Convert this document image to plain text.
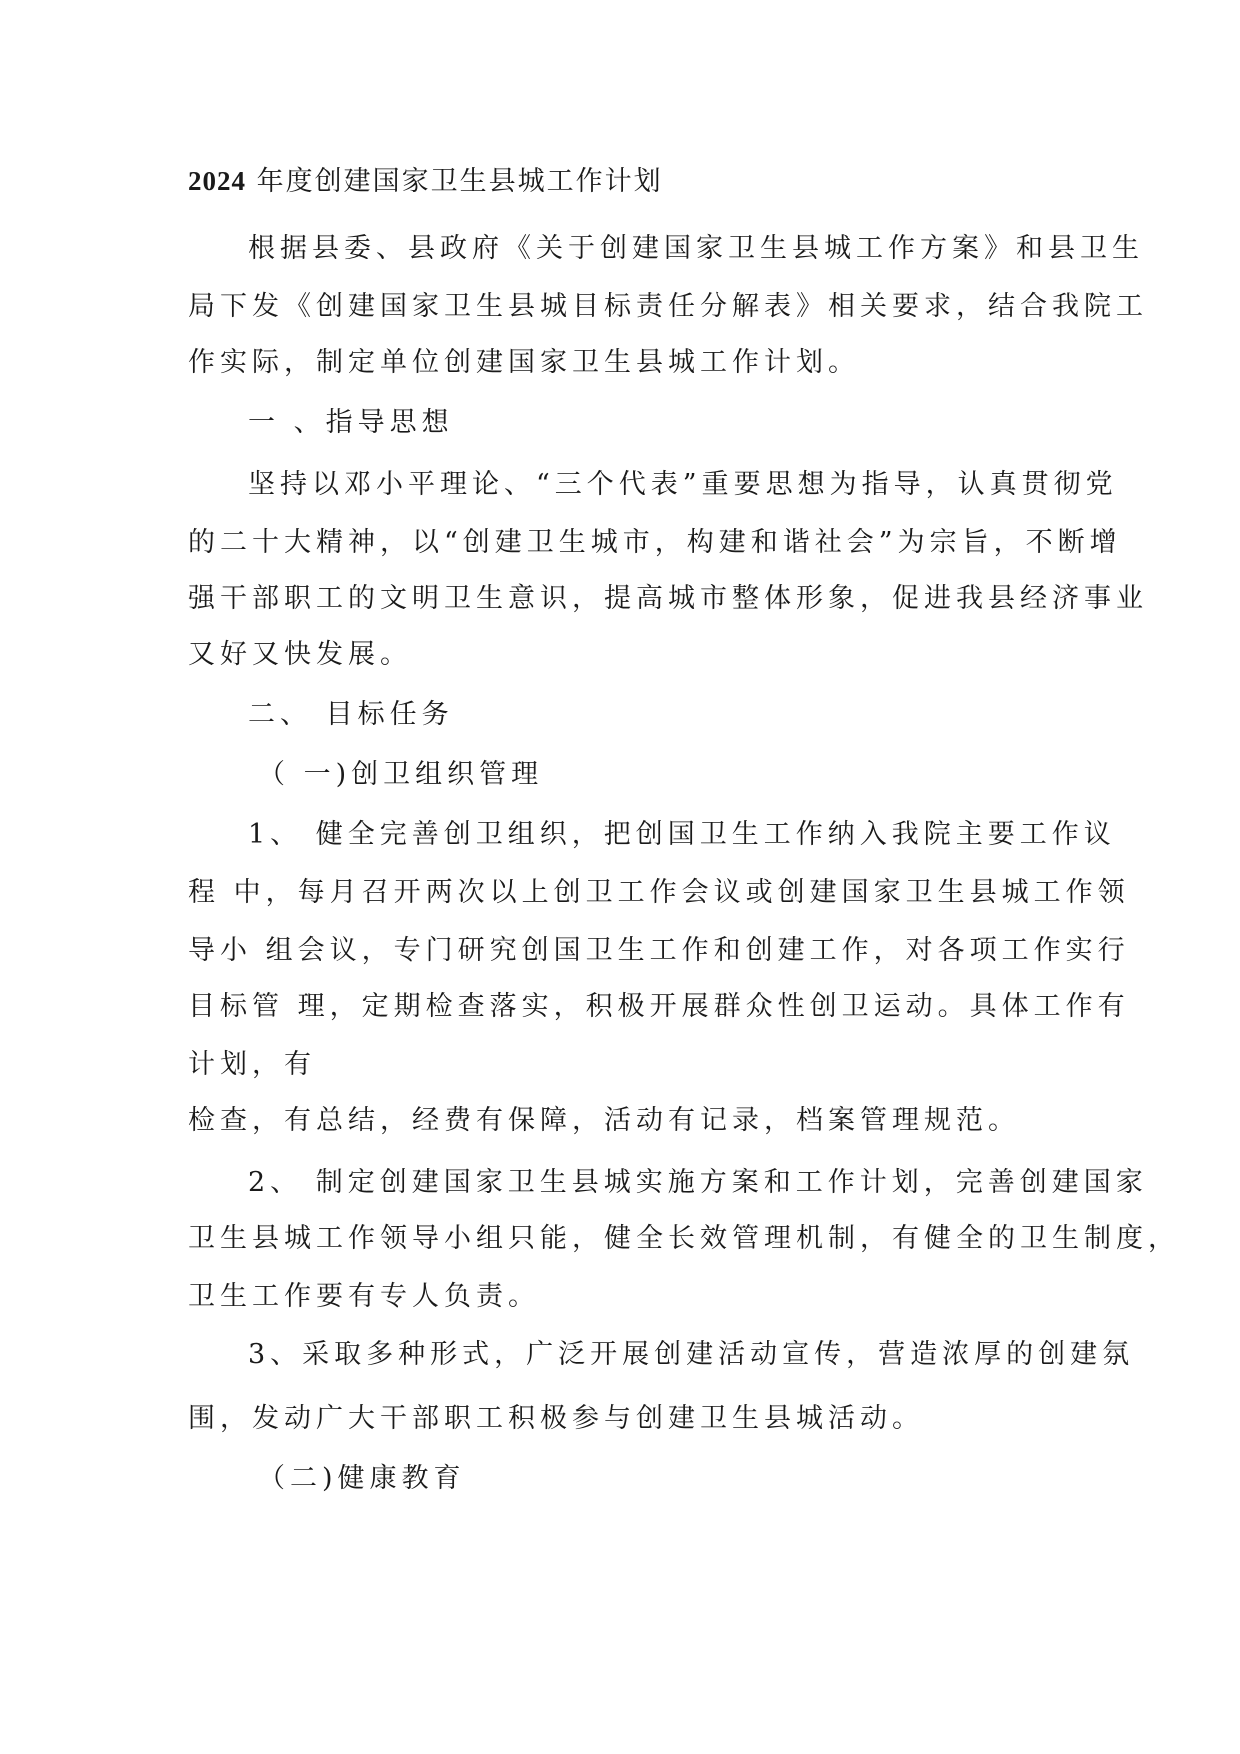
2024 年度创建国家卫生县城工作计划
根据县委、县政府《关于创建国家卫生县城工作方案》和县卫生
局下发《创建国家卫生县城目标责任分解表》相关要求，结合我院工
作实际，制定单位创建国家卫生县城工作计划。
一 、指导思想
坚持以邓小平理论、“三个代表”重要思想为指导，认真贯彻党
的二十大精神，以“创建卫生城市，构建和谐社会”为宗旨，不断增
强干部职工的文明卫生意识，提高城市整体形象，促进我县经济事业
又好又快发展。
二、 目标任务
（ 一)创卫组织管理
1、 健全完善创卫组织，把创国卫生工作纳入我院主要工作议
程 中，每月召开两次以上创卫工作会议或创建国家卫生县城工作领
导小 组会议，专门研究创国卫生工作和创建工作，对各项工作实行
目标管 理，定期检查落实，积极开展群众性创卫运动。具体工作有
计划，有
检查，有总结，经费有保障，活动有记录，档案管理规范。
2、 制定创建国家卫生县城实施方案和工作计划，完善创建国家
卫生县城工作领导小组只能，健全长效管理机制，有健全的卫生制度，
卫生工作要有专人负责。
3、采取多种形式，广泛开展创建活动宣传，营造浓厚的创建氛
围，发动广大干部职工积极参与创建卫生县城活动。
（二)健康教育
